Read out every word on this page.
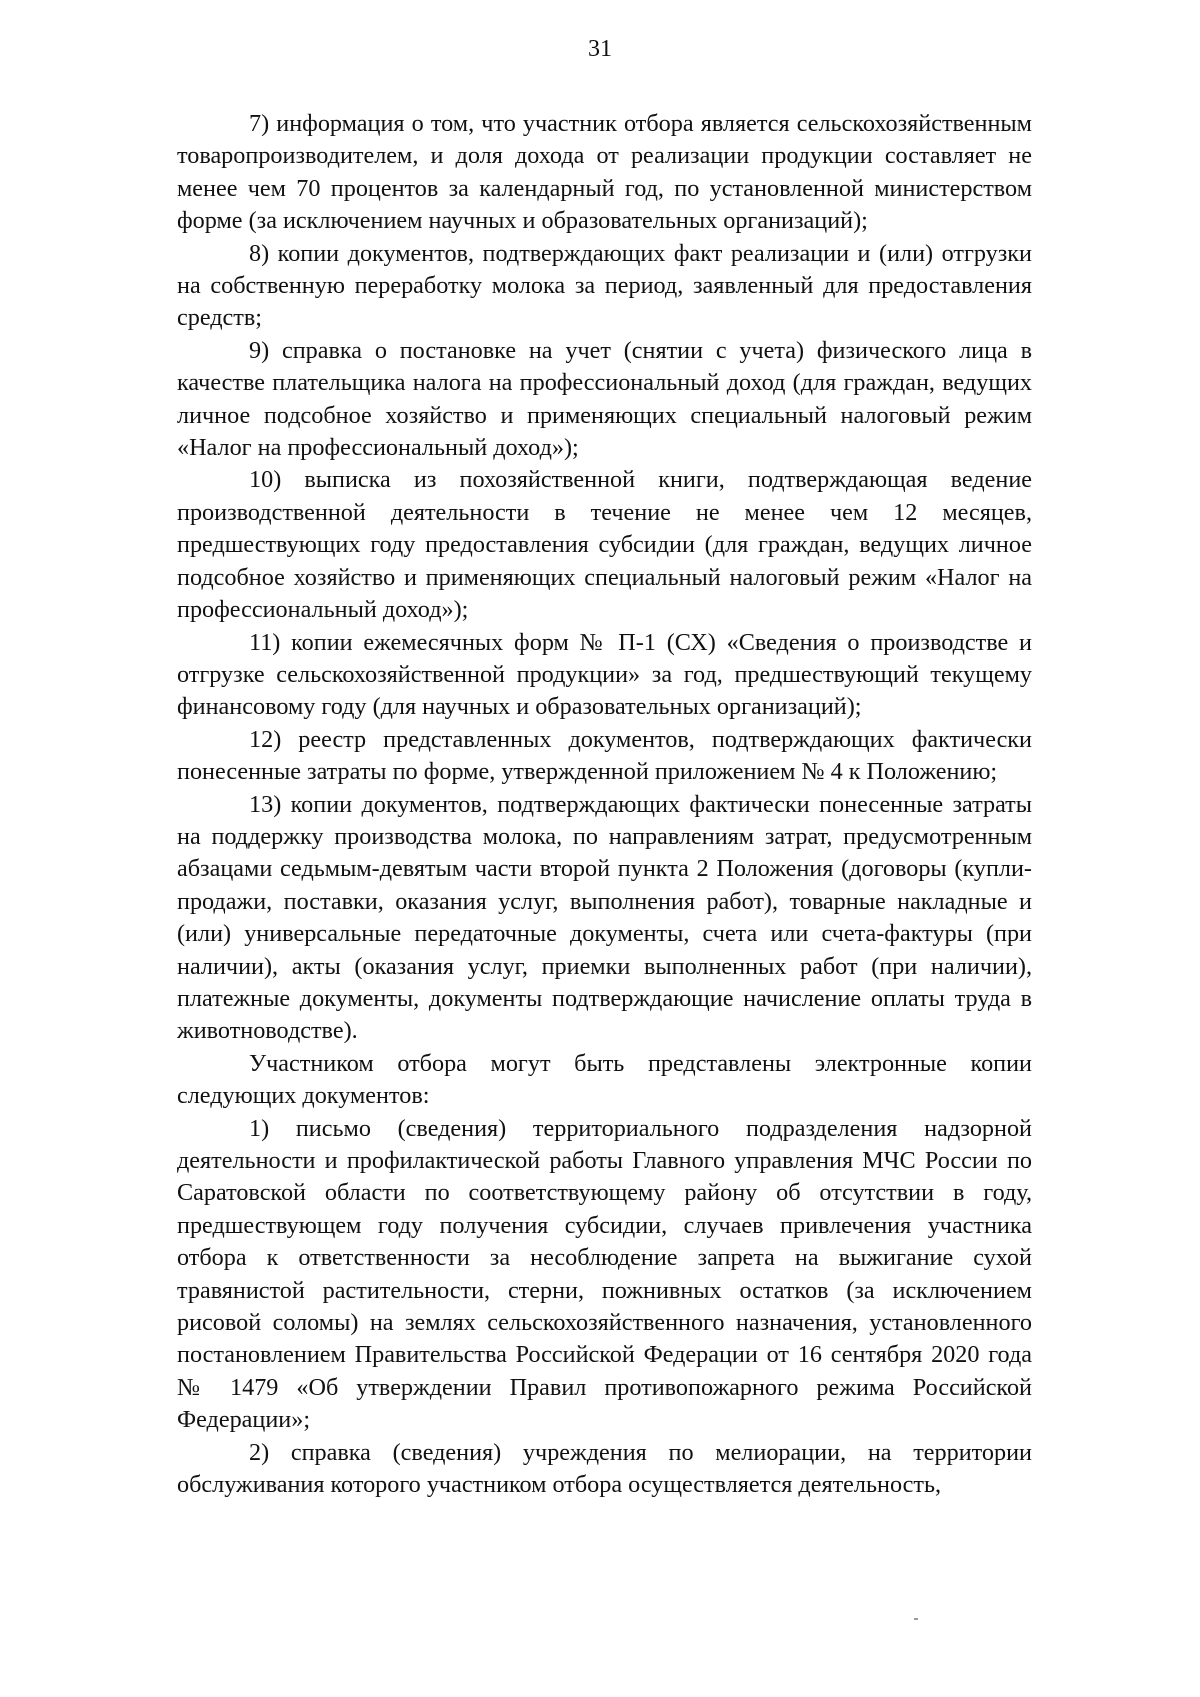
31

7) информация о том, что участник отбора является сельскохозяйственным товаропроизводителем, и доля дохода от реализации продукции составляет не менее чем 70 процентов за календарный год, по установленной министерством форме (за исключением научных и образовательных организаций);

8) копии документов, подтверждающих факт реализации и (или) отгрузки на собственную переработку молока за период, заявленный для предоставления средств;

9) справка о постановке на учет (снятии с учета) физического лица в качестве плательщика налога на профессиональный доход (для граждан, ведущих личное подсобное хозяйство и применяющих специальный налоговый режим «Налог на профессиональный доход»);

10) выписка из похозяйственной книги, подтверждающая ведение производственной деятельности в течение не менее чем 12 месяцев, предшествующих году предоставления субсидии (для граждан, ведущих личное подсобное хозяйство и применяющих специальный налоговый режим «Налог на профессиональный доход»);

11) копии ежемесячных форм № П-1 (СХ) «Сведения о производстве и отгрузке сельскохозяйственной продукции» за год, предшествующий текущему финансовому году (для научных и образовательных организаций);

12) реестр представленных документов, подтверждающих фактически понесенные затраты по форме, утвержденной приложением № 4 к Положению;

13) копии документов, подтверждающих фактически понесенные затраты на поддержку производства молока, по направлениям затрат, предусмотренным абзацами седьмым-девятым части второй пункта 2 Положения (договоры (купли-продажи, поставки, оказания услуг, выполнения работ), товарные накладные и (или) универсальные передаточные документы, счета или счета-фактуры (при наличии), акты (оказания услуг, приемки выполненных работ (при наличии), платежные документы, документы подтверждающие начисление оплаты труда в животноводстве).

Участником отбора могут быть представлены электронные копии следующих документов:

1) письмо (сведения) территориального подразделения надзорной деятельности и профилактической работы Главного управления МЧС России по Саратовской области по соответствующему району об отсутствии в году, предшествующем году получения субсидии, случаев привлечения участника отбора к ответственности за несоблюдение запрета на выжигание сухой травянистой растительности, стерни, пожнивных остатков (за исключением рисовой соломы) на землях сельскохозяйственного назначения, установленного постановлением Правительства Российской Федерации от 16 сентября 2020 года № 1479 «Об утверждении Правил противопожарного режима Российской Федерации»;

2) справка (сведения) учреждения по мелиорации, на территории обслуживания которого участником отбора осуществляется деятельность,
